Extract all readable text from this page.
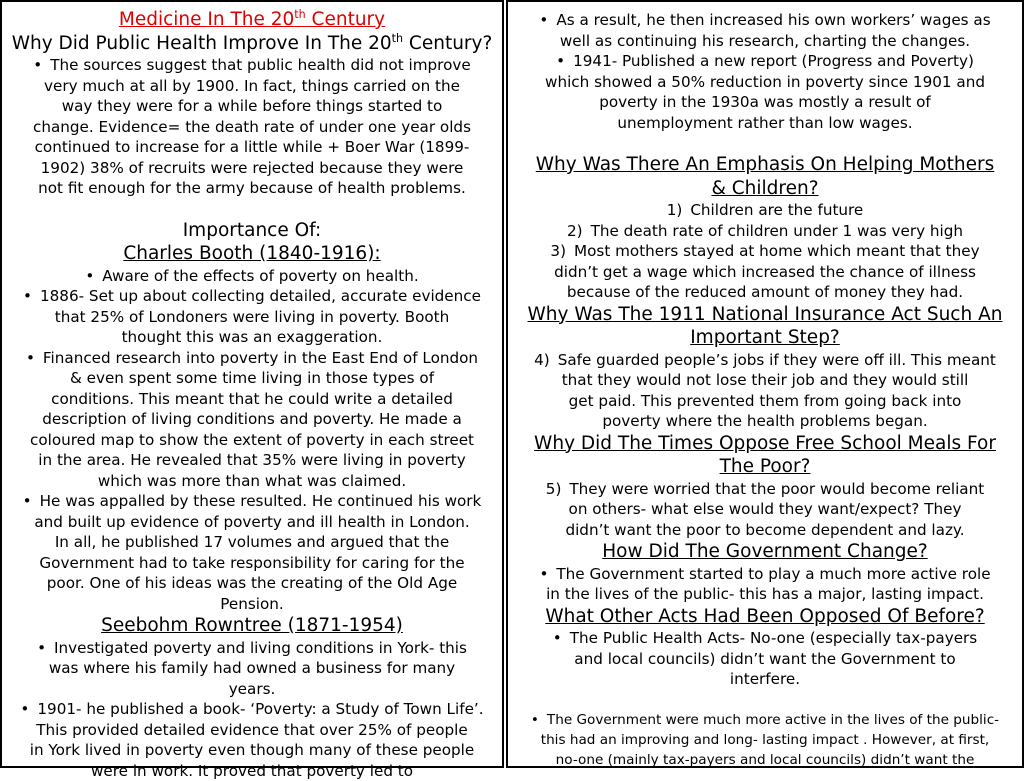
Medicine In The 20th Century
Why Did Public Health Improve In The 20th Century?
• The sources suggest that public health did not improve
very much at all by 1900. In fact, things carried on the
way they were for a while before things started to
change. Evidence= the death rate of under one year olds
continued to increase for a little while + Boer War (1899-
1902) 38% of recruits were rejected because they were
not fit enough for the army because of health problems.
Importance Of:
Charles Booth (1840-1916):
• Aware of the effects of poverty on health.
• 1886- Set up about collecting detailed, accurate evidence
that 25% of Londoners were living in poverty. Booth
thought this was an exaggeration.
• Financed research into poverty in the East End of London
& even spent some time living in those types of
conditions. This meant that he could write a detailed
description of living conditions and poverty. He made a
coloured map to show the extent of poverty in each street
in the area. He revealed that 35% were living in poverty
which was more than what was claimed.
• He was appalled by these resulted. He continued his work
and built up evidence of poverty and ill health in London.
In all, he published 17 volumes and argued that the
Government had to take responsibility for caring for the
poor. One of his ideas was the creating of the Old Age
Pension.
Seebohm Rowntree (1871-1954)
• Investigated poverty and living conditions in York- this
was where his family had owned a business for many
years.
• 1901- he published a book- ‘Poverty: a Study of Town Life’.
This provided detailed evidence that over 25% of people
in York lived in poverty even though many of these people
were in work. It proved that poverty led to
• As a result, he then increased his own workers’ wages as
well as continuing his research, charting the changes.
• 1941- Published a new report (Progress and Poverty)
which showed a 50% reduction in poverty since 1901 and
poverty in the 1930a was mostly a result of
unemployment rather than low wages.
Why Was There An Emphasis On Helping Mothers
& Children?
1) Children are the future
2) The death rate of children under 1 was very high
3) Most mothers stayed at home which meant that they
didn’t get a wage which increased the chance of illness
because of the reduced amount of money they had.
Why Was The 1911 National Insurance Act Such An
Important Step?
4) Safe guarded people’s jobs if they were off ill. This meant
that they would not lose their job and they would still
get paid. This prevented them from going back into
poverty where the health problems began.
Why Did The Times Oppose Free School Meals For
The Poor?
5) They were worried that the poor would become reliant
on others- what else would they want/expect? They
didn’t want the poor to become dependent and lazy.
How Did The Government Change?
• The Government started to play a much more active role
in the lives of the public- this has a major, lasting impact.
What Other Acts Had Been Opposed Of Before?
• The Public Health Acts- No-one (especially tax-payers
and local councils) didn’t want the Government to
interfere.
• The Government were much more active in the lives of the public-
this had an improving and long- lasting impact . However, at first,
no-one (mainly tax-payers and local councils) didn’t want the
